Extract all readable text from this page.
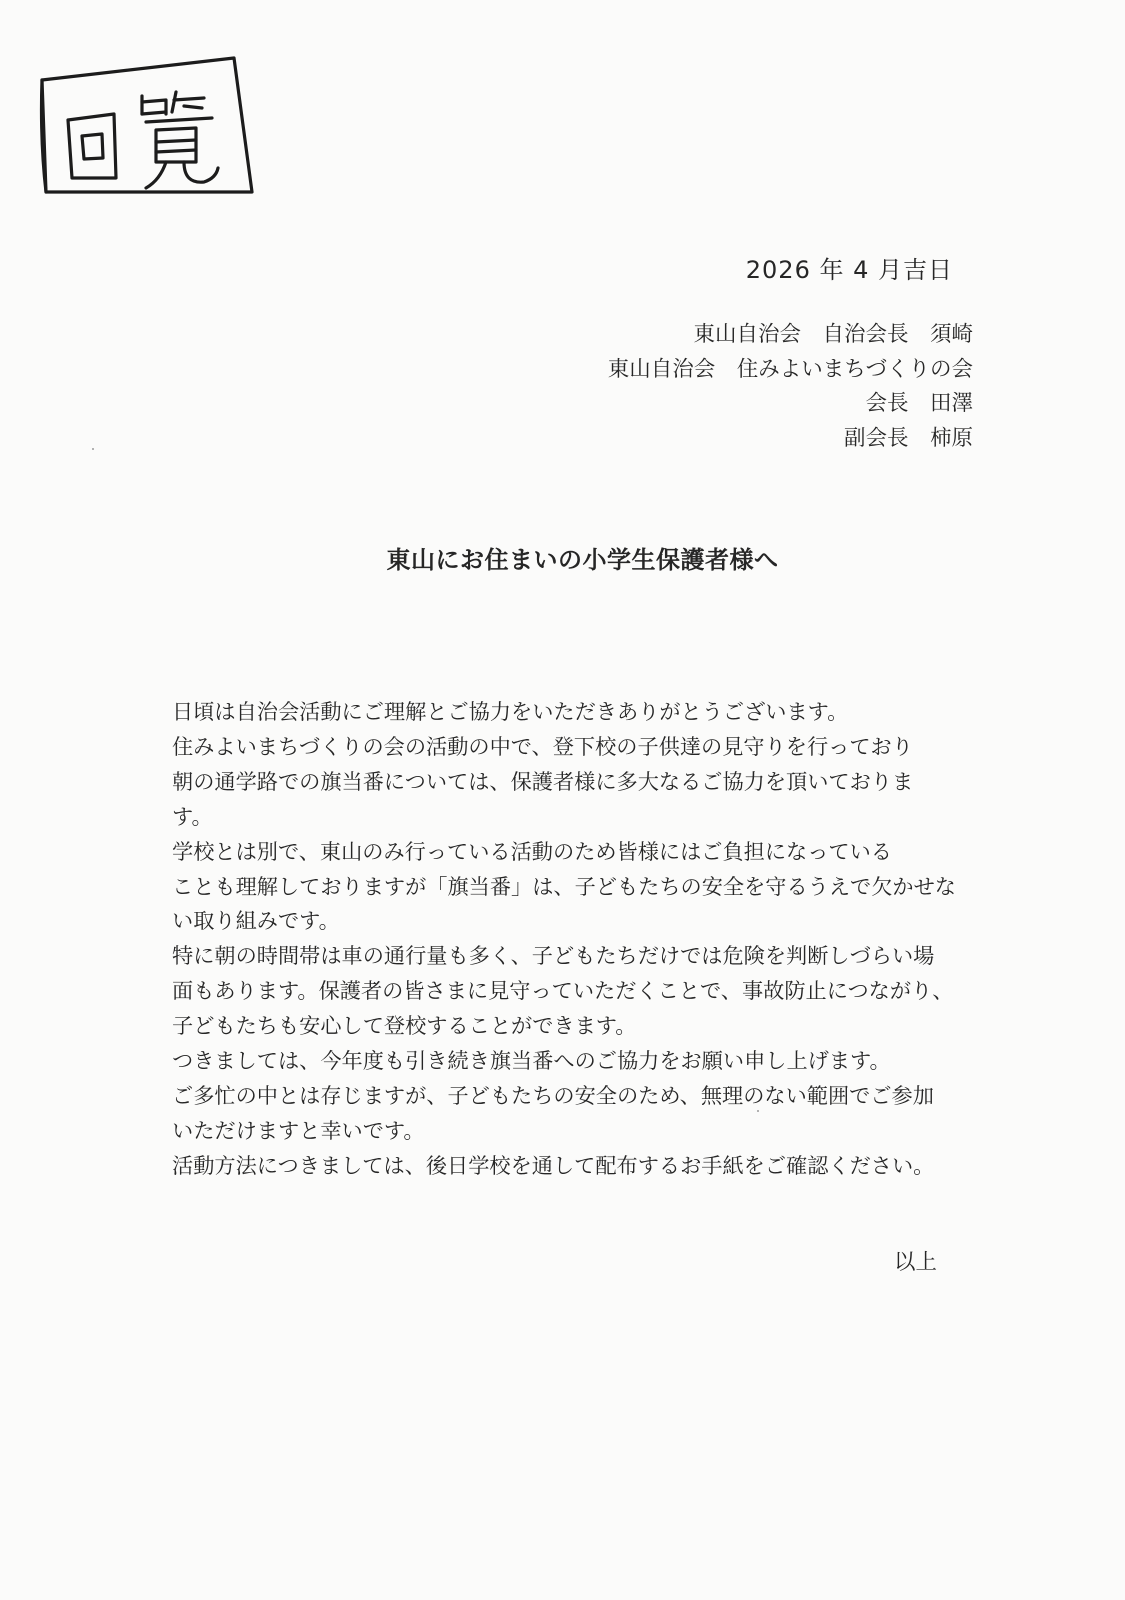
2026 年 4 月吉日
東山自治会　自治会長　須崎
東山自治会　住みよいまちづくりの会
会長　田澤
副会長　柿原
東山にお住まいの小学生保護者様へ
日頃は自治会活動にご理解とご協力をいただきありがとうございます。
住みよいまちづくりの会の活動の中で、登下校の子供達の見守りを行っており
朝の通学路での旗当番については、保護者様に多大なるご協力を頂いておりま
す。
学校とは別で、東山のみ行っている活動のため皆様にはご負担になっている
ことも理解しておりますが「旗当番」は、子どもたちの安全を守るうえで欠かせな
い取り組みです。
特に朝の時間帯は車の通行量も多く、子どもたちだけでは危険を判断しづらい場
面もあります。保護者の皆さまに見守っていただくことで、事故防止につながり、
子どもたちも安心して登校することができます。
つきましては、今年度も引き続き旗当番へのご協力をお願い申し上げます。
ご多忙の中とは存じますが、子どもたちの安全のため、無理のない範囲でご参加
いただけますと幸いです。
活動方法につきましては、後日学校を通して配布するお手紙をご確認ください。
以上
